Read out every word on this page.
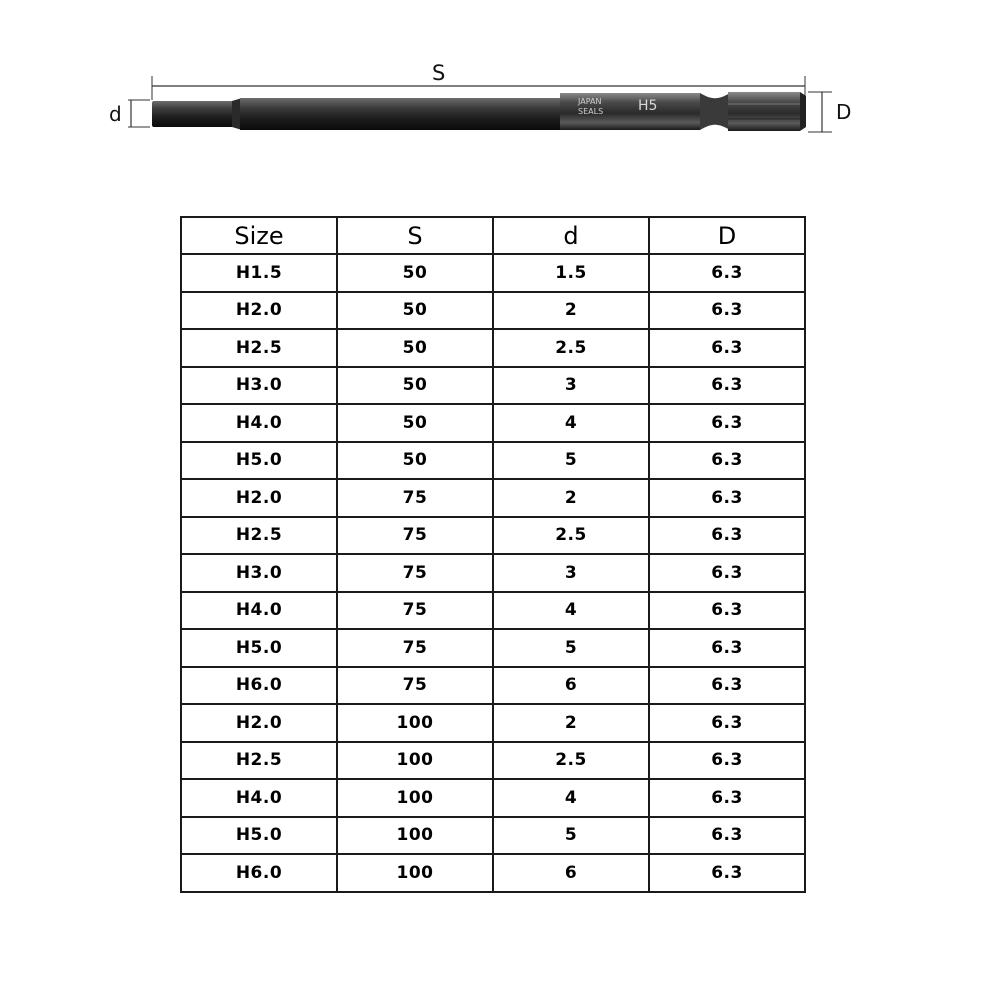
S
d	D
JAPAN
SEALS H5
Size	S	d	D
H1.5	50	1.5	6.3
H2.0	50	2	6.3
H2.5	50	2.5	6.3
H3.0	50	3	6.3
H4.0	50	4	6.3
H5.0	50	5	6.3
H2.0	75	2	6.3
H2.5	75	2.5	6.3
H3.0	75	3	6.3
H4.0	75	4	6.3
H5.0	75	5	6.3
H6.0	75	6	6.3
H2.0	100	2	6.3
H2.5	100	2.5	6.3
H4.0	100	4	6.3
H5.0	100	5	6.3
H6.0	100	6	6.3
